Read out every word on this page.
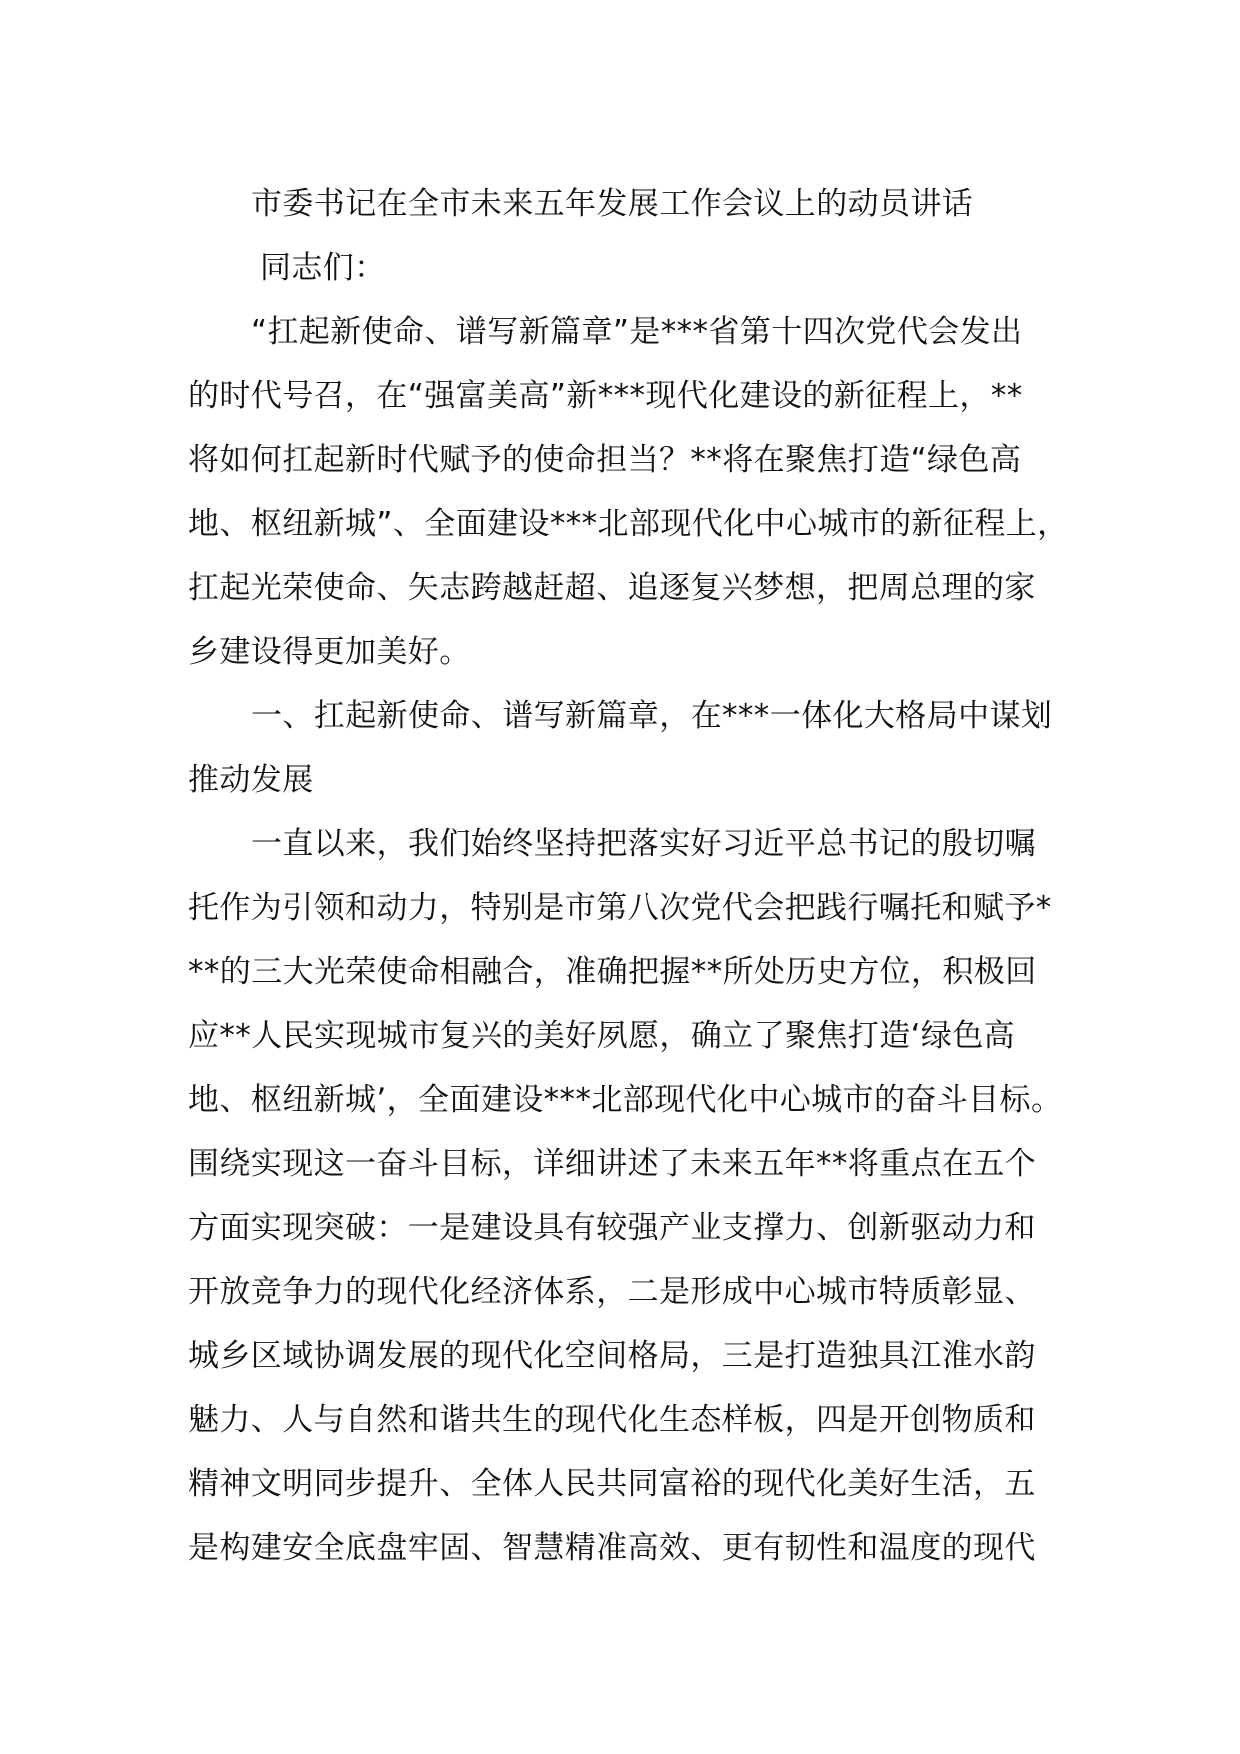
市委书记在全市未来五年发展工作会议上的动员讲话
同志们：
“扛起新使命、谱写新篇章”是***省第十四次党代会发出
的时代号召，在“强富美高”新***现代化建设的新征程上，**
将如何扛起新时代赋予的使命担当？**将在聚焦打造“绿色高
地、枢纽新城”、全面建设***北部现代化中心城市的新征程上，
扛起光荣使命、矢志跨越赶超、追逐复兴梦想，把周总理的家
乡建设得更加美好。
一、扛起新使命、谱写新篇章，在***一体化大格局中谋划
推动发展
一直以来，我们始终坚持把落实好习近平总书记的殷切嘱
托作为引领和动力，特别是市第八次党代会把践行嘱托和赋予*
**的三大光荣使命相融合，准确把握**所处历史方位，积极回
应**人民实现城市复兴的美好夙愿，确立了聚焦打造‘绿色高
地、枢纽新城’，全面建设***北部现代化中心城市的奋斗目标。
围绕实现这一奋斗目标，详细讲述了未来五年**将重点在五个
方面实现突破：一是建设具有较强产业支撑力、创新驱动力和
开放竞争力的现代化经济体系，二是形成中心城市特质彰显、
城乡区域协调发展的现代化空间格局，三是打造独具江淮水韵
魅力、人与自然和谐共生的现代化生态样板，四是开创物质和
精神文明同步提升、全体人民共同富裕的现代化美好生活，五
是构建安全底盘牢固、智慧精准高效、更有韧性和温度的现代
